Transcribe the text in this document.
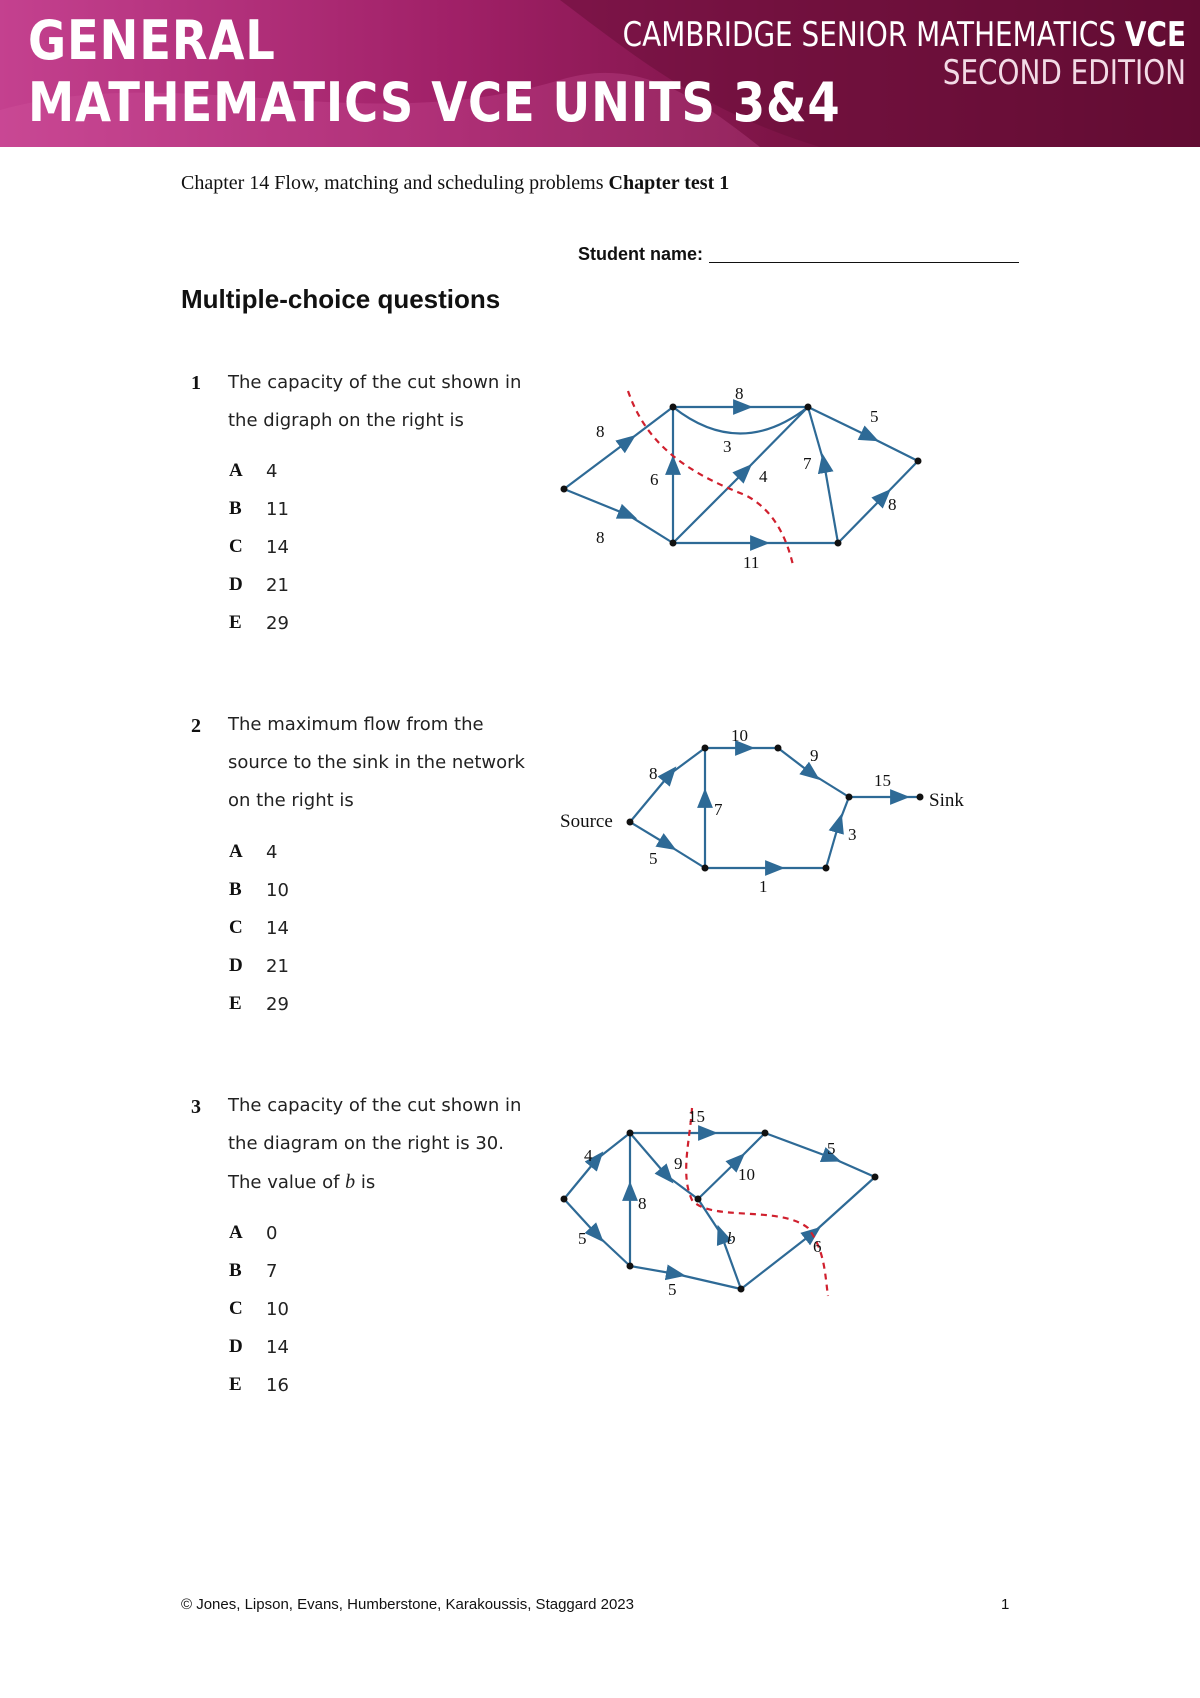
GENERAL
MATHEMATICS VCE UNITS 3&4
CAMBRIDGE SENIOR MATHEMATICS VCE
SECOND EDITION
Chapter 14 Flow, matching and scheduling problems Chapter test 1
Student name:
Multiple-choice questions
1 The capacity of the cut shown in
the digraph on the right is
A	4
B	11
C	14
D	21
E	29
8
8
8
3
6	4
7
5
8
11
2 The maximum flow from the
source to the sink in the network
on the right is
A	4
B	10
C	14
D	21
E	29
Source
Sink
8
5
7
10
9
15
3
1
3 The capacity of the cut shown in
the diagram on the right is 30.
The value of b is
A	0
B	7
C	10
D	14
E	16
4
5
8
15
9
10
5
b	6
5
© Jones, Lipson, Evans, Humberstone, Karakoussis, Staggard 2023	1
